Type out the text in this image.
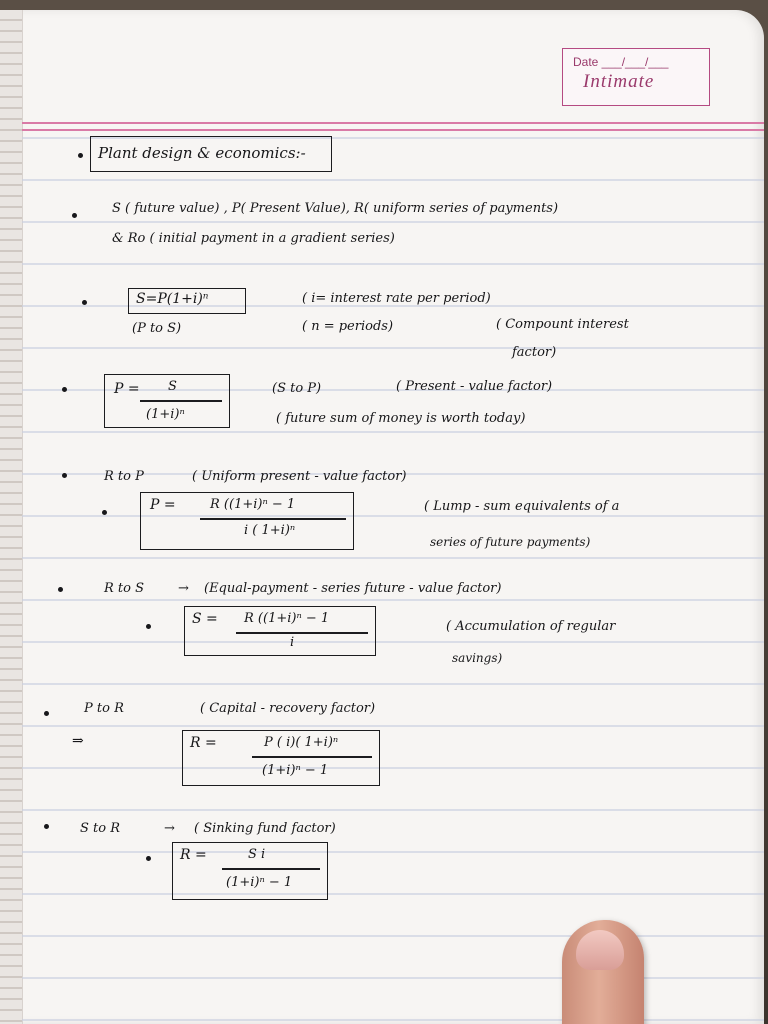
Date ___/___/___
Intimate
Plant design & economics:-
S ( future value) , P( Present Value), R( uniform series of payments)
& Ro ( initial payment in a gradient series)
S=P(1+i)ⁿ
(P to S)
( i= interest rate per period)
( n = periods)	( Compount interest
factor)
P = S
(1+i)ⁿ
(S to P)	( Present - value factor)
( future sum of money is worth today)
R to P	( Uniform present - value factor)
P =	R ((1+i)ⁿ − 1
i ( 1+i)ⁿ
( Lump - sum equivalents of a
series of future payments)
R to S	→ (Equal-payment - series future - value factor)
S = R ((1+i)ⁿ − 1
i
( Accumulation of regular
savings)
P to R	( Capital - recovery factor)
⇒	R =	P ( i)( 1+i)ⁿ
(1+i)ⁿ − 1
S to R	→ ( Sinking fund factor)
R =	S i
(1+i)ⁿ − 1
